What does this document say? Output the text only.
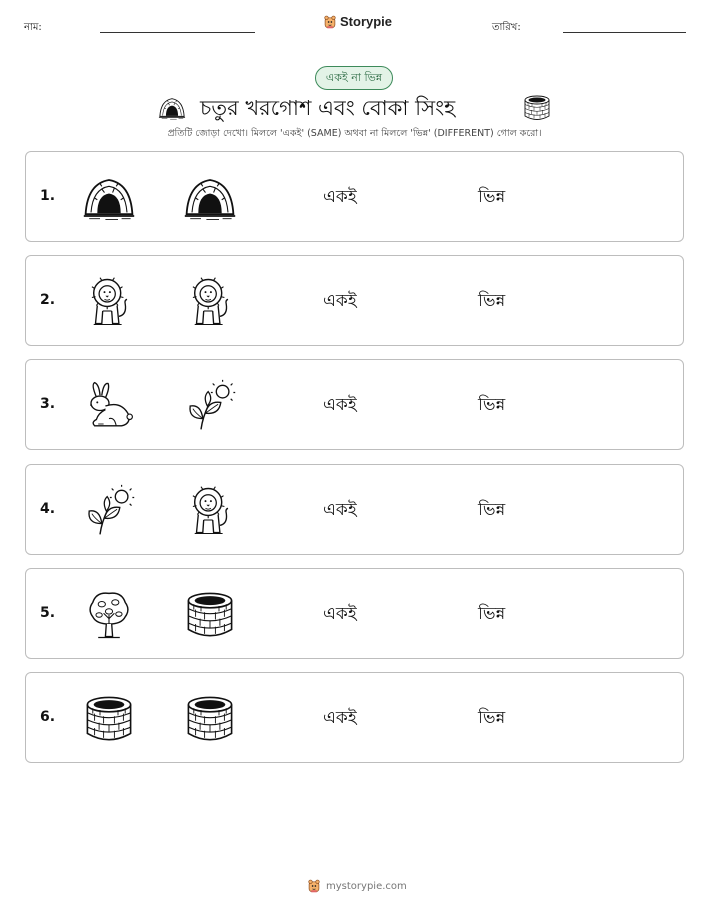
নাম:	Storypie	তারিখ:
একই না ভিন্ন
চতুর খরগোশ এবং বোকা সিংহ
প্রতিটি জোড়া দেখো। মিললে 'একই' (SAME) অথবা না মিললে 'ভিন্ন' (DIFFERENT) গোল করো।
1.	একই	ভিন্ন
2.	একই	ভিন্ন
3.	একই	ভিন্ন
4.	একই	ভিন্ন
5.	একই	ভিন্ন
6.	একই	ভিন্ন
mystorypie.com
